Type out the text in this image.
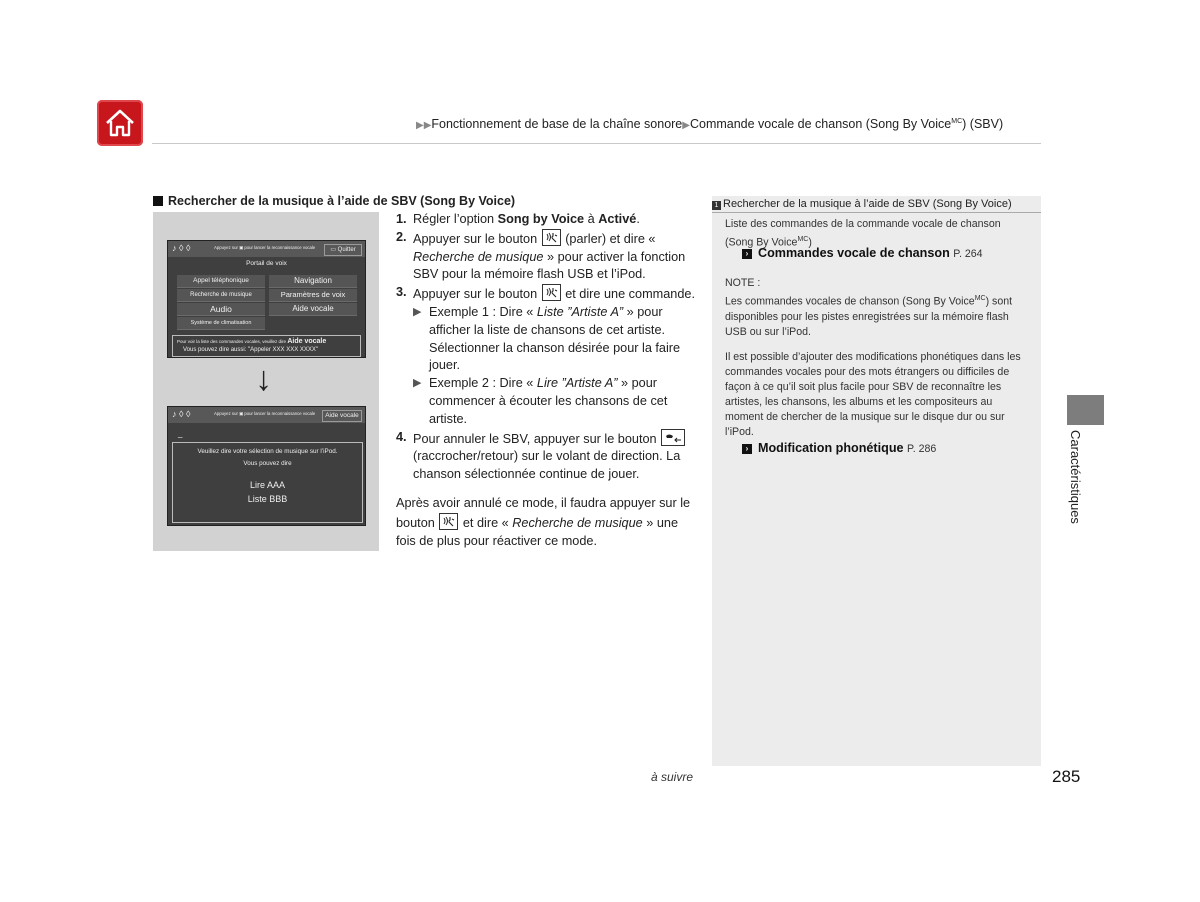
▶▶Fonctionnement de base de la chaîne sonore▶Commande vocale de chanson (Song By Voice$^{MC}$) (SBV)
Rechercher de la musique à l’aide de SBV (Song By Voice)
♪ ◊ ◊	Appuyez sur ▣ pour lancer la reconnaissance vocale	▭ Quitter
Portail de voix
Appel téléphonique	Navigation
Recherche de musique	Paramètres de voix
Audio	Aide vocale
Système de climatisation
Pour voir la liste des commandes vocales, veuillez dire Aide vocale
Vous pouvez dire aussi: "Appeler XXX XXX XXXX"
♪ ◊ ◊	Appuyez sur ▣ pour lancer la reconnaissance vocale	Aide vocale
_
Veuillez dire votre sélection de musique sur l’iPod.
Vous pouvez dire
Lire AAA
Liste BBB
↓
1. Régler l’option Song by Voice à Activé.
2. Appuyer sur le bouton
(parler) et dire « Recherche de musique » pour activer la fonction SBV pour la mémoire flash USB et l’iPod.
3. Appuyer sur le bouton
et dire une commande.
▶ Exemple 1 : Dire « Liste ”Artiste A” » pour afficher la liste de chansons de cet artiste. Sélectionner la chanson désirée pour la faire jouer.
▶ Exemple 2 : Dire « Lire ”Artiste A” » pour commencer à écouter les chansons de cet artiste.
4. Pour annuler le SBV, appuyer sur le bouton
(raccrocher/retour) sur le volant de direction. La chanson sélectionnée continue de jouer.
Après avoir annulé ce mode, il faudra appuyer sur le bouton
et dire « Recherche de musique » une fois de plus pour réactiver ce mode.
1 Rechercher de la musique à l’aide de SBV (Song By Voice)
Liste des commandes de la commande vocale de chanson (Song By Voice$^{MC}$)
› Commandes vocale de chanson P. 264
NOTE :
Les commandes vocales de chanson (Song By Voice$^{MC}$) sont disponibles pour les pistes enregistrées sur la mémoire flash USB ou sur l’iPod.
Il est possible d’ajouter des modifications phonétiques dans les commandes vocales pour des mots étrangers ou difficiles de façon à ce qu’il soit plus facile pour SBV de reconnaître les artistes, les chansons, les albums et les compositeurs au moment de chercher de la musique sur le disque dur ou sur l’iPod.
› Modification phonétique P. 286	Caractéristiques
à suivre	285
